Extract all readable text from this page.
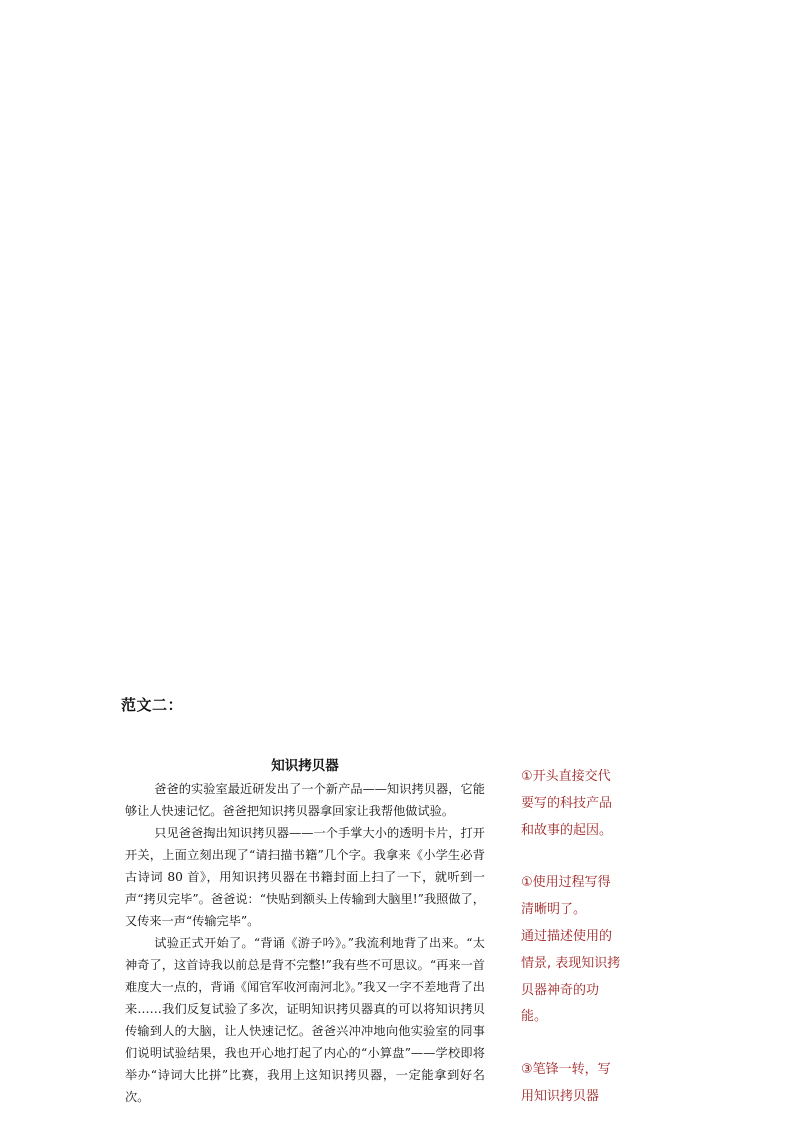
范文二：
知识拷贝器

爸爸的实验室最近研发出了一个新产品——知识拷贝器，它能够让人快速记忆。爸爸把知识拷贝器拿回家让我帮他做试验。

只见爸爸掏出知识拷贝器——一个手掌大小的透明卡片，打开开关，上面立刻出现了“请扫描书籍”几个字。我拿来《小学生必背古诗词 80 首》，用知识拷贝器在书籍封面上扫了一下，就听到一声“拷贝完毕”。爸爸说：“快贴到额头上传输到大脑里!”我照做了，又传来一声“传输完毕”。

试验正式开始了。“背诵《游子吟》。”我流利地背了出来。“太神奇了，这首诗我以前总是背不完整!”我有些不可思议。“再来一首难度大一点的，背诵《闻官军收河南河北》。”我又一字不差地背了出来……我们反复试验了多次，证明知识拷贝器真的可以将知识拷贝传输到人的大脑，让人快速记忆。爸爸兴冲冲地向他实验室的同事们说明试验结果，我也开心地打起了内心的“小算盘”——学校即将举办“诗词大比拼”比赛，我用上这知识拷贝器，一定能拿到好名次。

①开头直接交代要写的科技产品和故事的起因。
①使用过程写得清晰明了。
通过描述使用的情景, 表现知识拷贝器神奇的功能。
③笔锋一转，写用知识拷贝器
